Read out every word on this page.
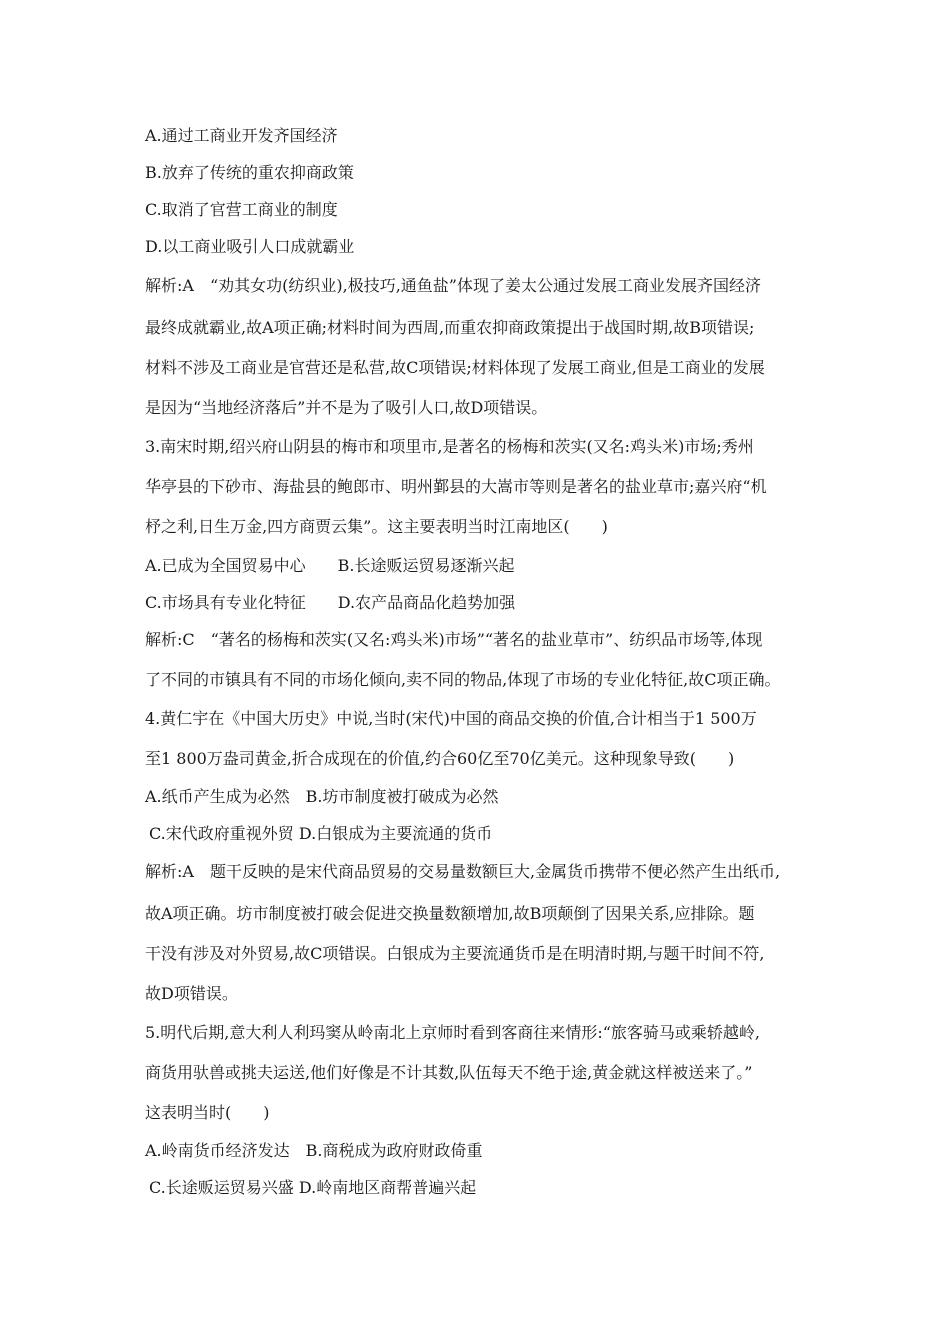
A.通过工商业开发齐国经济
B.放弃了传统的重农抑商政策
C.取消了官营工商业的制度
D.以工商业吸引人口成就霸业
解析:A　“劝其女功(纺织业),极技巧,通鱼盐”体现了姜太公通过发展工商业发展齐国经济
最终成就霸业,故A项正确;材料时间为西周,而重农抑商政策提出于战国时期,故B项错误;
材料不涉及工商业是官营还是私营,故C项错误;材料体现了发展工商业,但是工商业的发展
是因为“当地经济落后”并不是为了吸引人口,故D项错误。
3.南宋时期,绍兴府山阴县的梅市和项里市,是著名的杨梅和茨实(又名:鸡头米)市场;秀州
华亭县的下砂市、海盐县的鲍郎市、明州鄞县的大嵩市等则是著名的盐业草市;嘉兴府“机
杼之利,日生万金,四方商贾云集”。这主要表明当时江南地区(　　)
A.已成为全国贸易中心　　B.长途贩运贸易逐渐兴起
C.市场具有专业化特征　　D.农产品商品化趋势加强
解析:C　“著名的杨梅和茨实(又名:鸡头米)市场”“著名的盐业草市”、纺织品市场等,体现
了不同的市镇具有不同的市场化倾向,卖不同的物品,体现了市场的专业化特征,故C项正确。
4.黄仁宇在《中国大历史》中说,当时(宋代)中国的商品交换的价值,合计相当于1 500万
至1 800万盎司黄金,折合成现在的价值,约合60亿至70亿美元。这种现象导致(　　)
A.纸币产生成为必然　B.坊市制度被打破成为必然
C.宋代政府重视外贸 D.白银成为主要流通的货币
解析:A　题干反映的是宋代商品贸易的交易量数额巨大,金属货币携带不便必然产生出纸币,
故A项正确。坊市制度被打破会促进交换量数额增加,故B项颠倒了因果关系,应排除。题
干没有涉及对外贸易,故C项错误。白银成为主要流通货币是在明清时期,与题干时间不符,
故D项错误。
5.明代后期,意大利人利玛窦从岭南北上京师时看到客商往来情形:“旅客骑马或乘轿越岭,
商货用驮兽或挑夫运送,他们好像是不计其数,队伍每天不绝于途,黄金就这样被送来了。”
这表明当时(　　)
A.岭南货币经济发达　B.商税成为政府财政倚重
C.长途贩运贸易兴盛 D.岭南地区商帮普遍兴起
